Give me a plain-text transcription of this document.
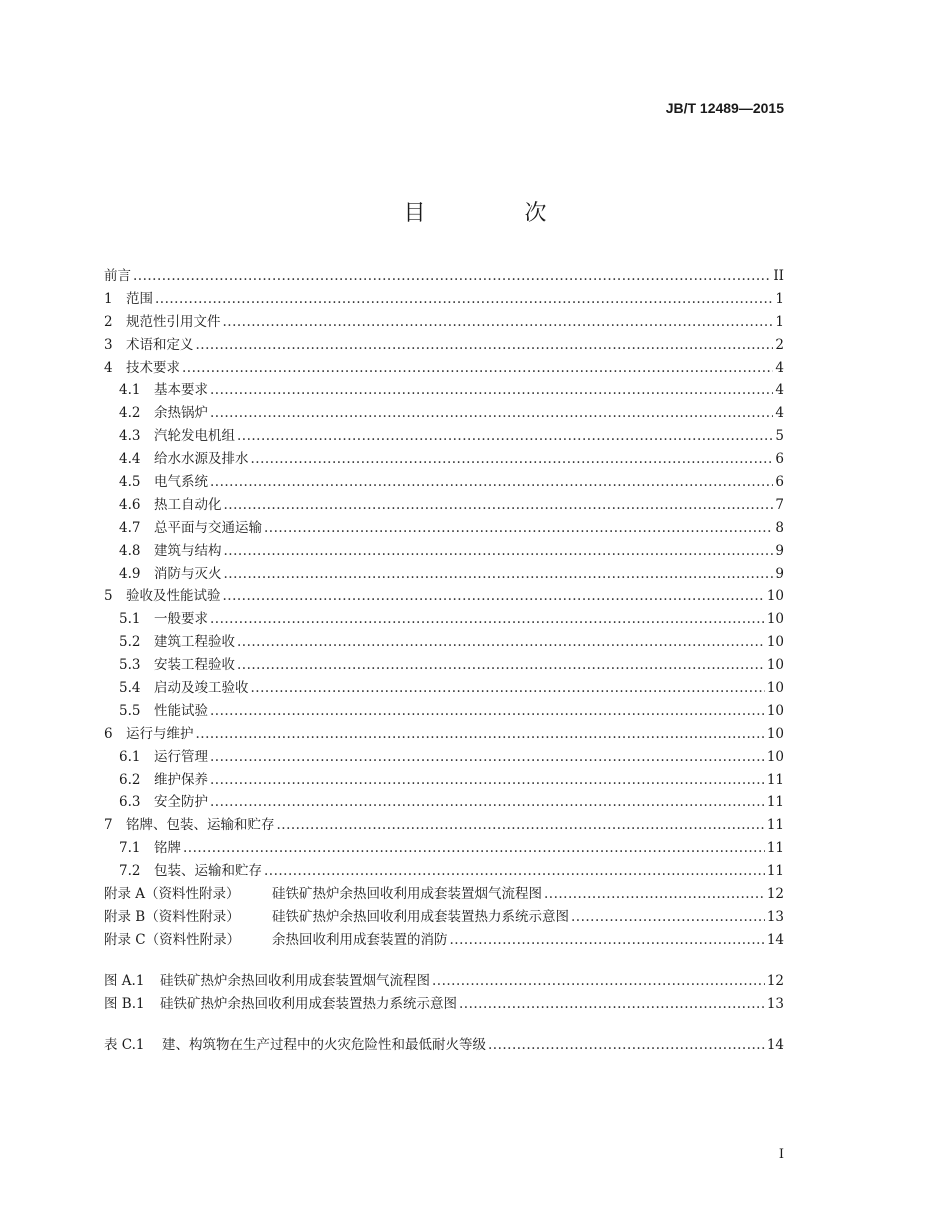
JB/T 12489—2015
目 次
前言 .....	II
1 范围 .....	1
2 规范性引用文件 .....	1
3 术语和定义 .....	2
4 技术要求 .....	4
4.1	基本要求 .....	4
4.2	余热锅炉 .....	4
4.3	汽轮发电机组 .....	5
4.4	给水水源及排水 .....	6
4.5	电气系统 .....	6
4.6	热工自动化 .....	7
4.7	总平面与交通运输 .....	8
4.8	建筑与结构 .....	9
4.9	消防与灭火 .....	9
5 验收及性能试验 .....	10
5.1	一般要求 .....	10
5.2	建筑工程验收 .....	10
5.3	安装工程验收 .....	10
5.4	启动及竣工验收 .....	10
5.5	性能试验 .....	10
6 运行与维护 .....	10
6.1	运行管理 .....	10
6.2	维护保养 .....	11
6.3	安全防护 .....	11
7 铭牌、包装、运输和贮存 .....	11
7.1	铭牌 .....	11
7.2	包装、运输和贮存 .....	11
附录 A（资料性附录）	硅铁矿热炉余热回收利用成套装置烟气流程图 .....	12
附录 B（资料性附录）	硅铁矿热炉余热回收利用成套装置热力系统示意图 .....	13
附录 C（资料性附录）	余热回收利用成套装置的消防 .....	14
图 A.1	硅铁矿热炉余热回收利用成套装置烟气流程图 .....	12
图 B.1	硅铁矿热炉余热回收利用成套装置热力系统示意图 .....	13
表 C.1	建、构筑物在生产过程中的火灾危险性和最低耐火等级 .....	14
I
